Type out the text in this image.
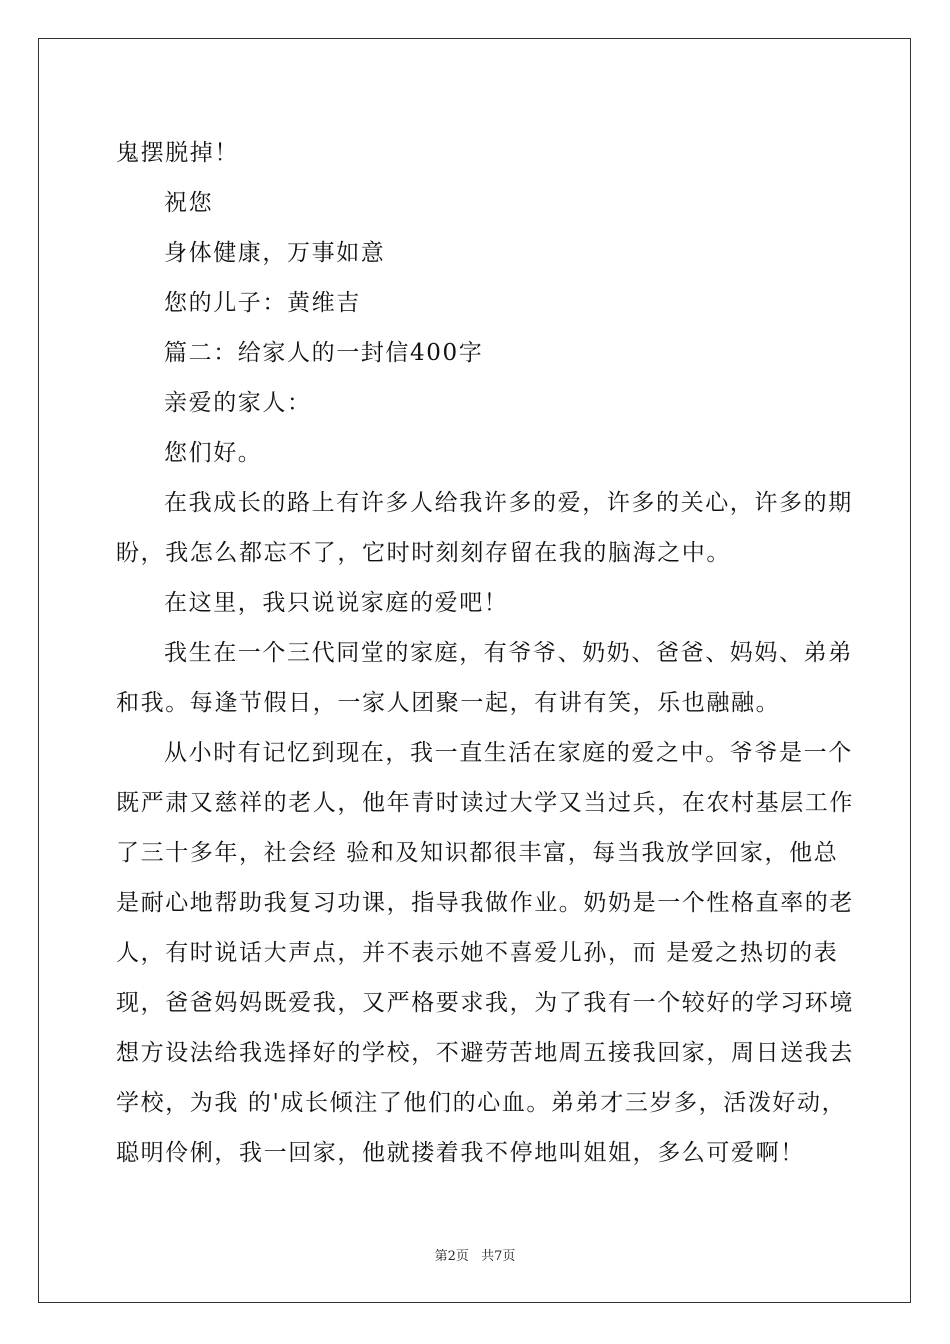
鬼摆脱掉！
祝您
身体健康，万事如意
您的儿子：黄维吉
篇二：给家人的一封信400字
亲爱的家人：
您们好。
在我成长的路上有许多人给我许多的爱，许多的关心，许多的期
盼，我怎么都忘不了，它时时刻刻存留在我的脑海之中。
在这里，我只说说家庭的爱吧！
我生在一个三代同堂的家庭，有爷爷、奶奶、爸爸、妈妈、弟弟
和我。每逢节假日，一家人团聚一起，有讲有笑，乐也融融。
从小时有记忆到现在，我一直生活在家庭的爱之中。爷爷是一个
既严肃又慈祥的老人，他年青时读过大学又当过兵，在农村基层工作
了三十多年，社会经 验和及知识都很丰富，每当我放学回家，他总
是耐心地帮助我复习功课，指导我做作业。奶奶是一个性格直率的老
人，有时说话大声点，并不表示她不喜爱儿孙，而 是爱之热切的表
现，爸爸妈妈既爱我，又严格要求我，为了我有一个较好的学习环境
想方设法给我选择好的学校，不避劳苦地周五接我回家，周日送我去
学校，为我 的'成长倾注了他们的心血。弟弟才三岁多，活泼好动，
聪明伶俐，我一回家，他就搂着我不停地叫姐姐，多么可爱啊！
第2页 共7页
